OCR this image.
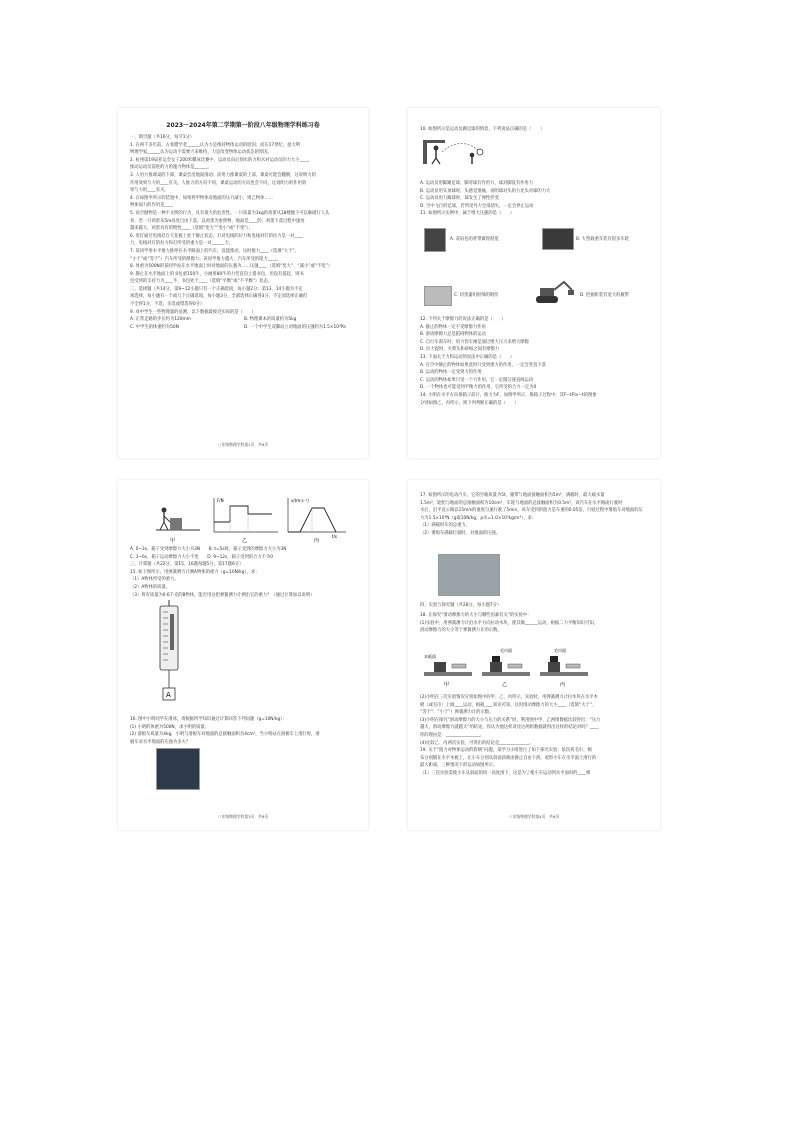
2023－2024年第二学期第一阶段八年级物理学科练习卷

一、填空题（共16分，每空1分）

1. 在两千多年前，古希腊学者______认为力是维持物体运动的原因；而在17世纪，意大利

物理学家______认为运动不需要力来维持，力是改变物体运动状态的原因。

2. 杭州第19届亚运会女子200米蝶泳比赛中，运动员向后划水的力和水对运动员的力大小____，

推动运动员前进的力的施力物体是______。

3. 人用力推课桌的下部，课桌会沿地面滑动；而用力推课桌的上部，课桌可能会翻倒，这说明力的

作用效果与力的____有关。人推力的方向不同，课桌运动的方向也会不同，这说明力的作用效

果与力的____有关。

4. 在如图甲所示的装置中，如果将甲物体对地面的压力减小，则乙物体……

物体间力的作用是____

5. 高空抛物是一种不文明的行为，具有很大的危害性。一只质量为1kg的鸡蛋从18楼抛下可以砸破行人头

骨，若一只鸡蛋从5m高处自由下落，以鸡蛋为参照物，地面是____的；鸡蛋下落过程中速度

越来越大，鸡蛋具有的惯性____（选填“变大”“变小”或“不变”）。

6. 电灯通过电线挂在天花板上处于静止状态，灯对电线的拉力和电线对灯的拉力是一对____

力，电线对灯的拉力和灯所受的重力是一对______力。

7. 某同学用水平推力推停在水平路面上的汽车，没能推动，这时推力____（选填“大于”、

“小于”或“等于”）汽车所受的摩擦力；该同学推力越大，汽车所受的阻力____。

8. 体重为500N的某同学站在水平地面上时对地面的压强为……压强____（选填“变大”、“减小”或“不变”）

9. 静止在水平地面上的书包重150牛，小丽用80牛的力竖直向上提书包，但没有提起，则书

包受到的支持力为____牛，书包处于____（选填“平衡”或“不平衡”）状态。

二、选择题（共14分，第9~12小题只有一个正确选项，每小题2分；第13、14小题为不定

项选择，每小题有一个或几个正确选项，每小题3分，全部选择正确得3分，不定项选择正确但

不全得1分，不选、多选或错选得0分）

9. 对中学生一些物理量的估测，以下数据最接近实际的是（　　）

A. 正常走路的步长约为120mm	B. 物理课本的质量约为5kg
C. 中学生的体重约为50N	D. 一个中学生双脚站立对地面的压强约为1.5×10⁴Pa
八年级物理学科第1页　共6页

10. 如图所示是运动员踢足球的情景，下列说法正确的是（　　）

A. 运动员用脚踢足球，脚对球有作用力，球对脚没有作用力

B. 运动员用头顶球时，头感觉很痛，说明球对头的力比头对球的力大

C. 运动员用力踢球时，球发生了弹性形变

D. 空中飞行的足球，若所受外力全部消失，一定会停止运动

11. 如图所示实例中，属于增大压强的是（　　）

A. 双肩包的背带做得很宽	B. 大型载重车装有很多车轮

C. 切蛋器用很细的钢丝	D. 挖掘机装有宽大的履带

12. 下列关于摩擦力的说法正确的是（　　）

A. 静止的物体一定不受摩擦力作用

B. 滑动摩擦力总是阻碍物体的运动

C. 自行车刹车时，用力捏车闸是通过增大压力来增大摩擦

D. 拉大提时，火柴头和砂纸之间有摩擦力

13. 下面关于力和运动的说法中正确的是（　　）

A. 在空中静止的物体如果此时只受到重力的作用，一定会竖直下落

B. 运动的物体一定受到力的作用

C. 运动的物体如果只受一个力作用，它一定做匀速直线运动

D. 一个物体也可能受到平衡力的作用，它所受的合力一定为0

14. 小明在水平方向推箱子前行，推力为F，如图甲所示，推箱子过程中，其F−t和v−t的图象

分别如图乙、丙所示，则下列判断正确的是（　　）

F/N	v/(m·s⁻¹)
t/s
甲	乙	丙

A. 0~3s，箱子受到摩擦力大小为3N　　B. t=5s时，箱子受到的摩擦力大小为3N

C. 3~6s，箱子运动摩擦力大小不变　　D. 9~12s，箱子受到的合力不为0

三、计算题（共22分，第15、16题每题5分，第17题6分）

15. 如下图所示，用弹簧测力计测A物体的重力（g=10N/kg），求：

（1）A物体所受的重力。

（2）A物体的质量。

（3）将有质量为0.6千克的B物体，能否用这把弹簧测力计测出它的重力？（通过计算加以说明）

A

16. 图中小明同学在滑冰，请根据所学知识通过计算回答下列问题（g=10N/kg）：

(1) 小明的体重为500N，求小明的质量。

(2) 滑板车质量为4kg，小明与滑板车对地面的总接触面积为4cm²，当小明站在滑板车上滑行时，滑

板车对水平地面的压强为多大？

八年级物理学科第3页　共6页

17. 如图所示的电动汽车，它的空载质量为5t，履带与地面接触面积为5m²，满载时，最大载水量

1.5m³，轮胎与地面的总接触面积为10cm²，车轮与地面的总接触面积为0.5m²，该汽车在水平路面行驶时

水后，沿平直公路以15m/s的速度匀速行驶了5min，该车受到的阻力是车重的0.05倍，行驶过程中雾炮车对地面的压

力为1.5×10⁴N（g取10N/kg，ρ水=1.0×10³kg/m³），求：

（1）满载时车的总重力。

（2）雾炮车满载行驶时，对地面的压强。

四、实验与探究题（共28分，每小题7分）

18. 在探究“滑动摩擦力的大小与哪些因素有关”的实验中：

(1)实验中，用弹簧测力计沿水平方向拉动木块，使其做______运动，根据二力平衡知识可知，

滑动摩擦力的大小等于弹簧测力计的示数。

木板面
毛巾面	毛巾面
甲	乙	丙

(2)小明在三次实验情况分别如图中的甲、乙、丙所示，实验时，用弹簧测力计拉木块在水平木

板（或毛巾）上做____运动，根据____知识可知，这时滑动摩擦力的大小____（选填“大于”、

“等于”、“小于”）弹簧测力计的示数。

(3)小明在探究“滑动摩擦力的大小与压力的关系”时，利用图中甲、乙两组数据比较得出：“压力

越大，滑动摩擦力就越大”的结论，你认为他这样对比这两组数据就得出这样的结论对吗？____

你的理由是：________________。

(4)比较乙、丙两次实验，可得出的结论是______________。

19. 关于“阻力对物体运动的影响”问题，某学习小组进行了如下探究实验：依次将毛巾、棉

布分别铺在水平木板上，让小车分别从斜面顶端由静止自由下滑，观察小车在水平面上滑行的

最大距离，三种情况下的运动如图所示。

（1）三次实验需使小车从斜面的同一高度滑下，这是为了使小车运动到水平面时的____相

八年级物理学科第4页　共6页
